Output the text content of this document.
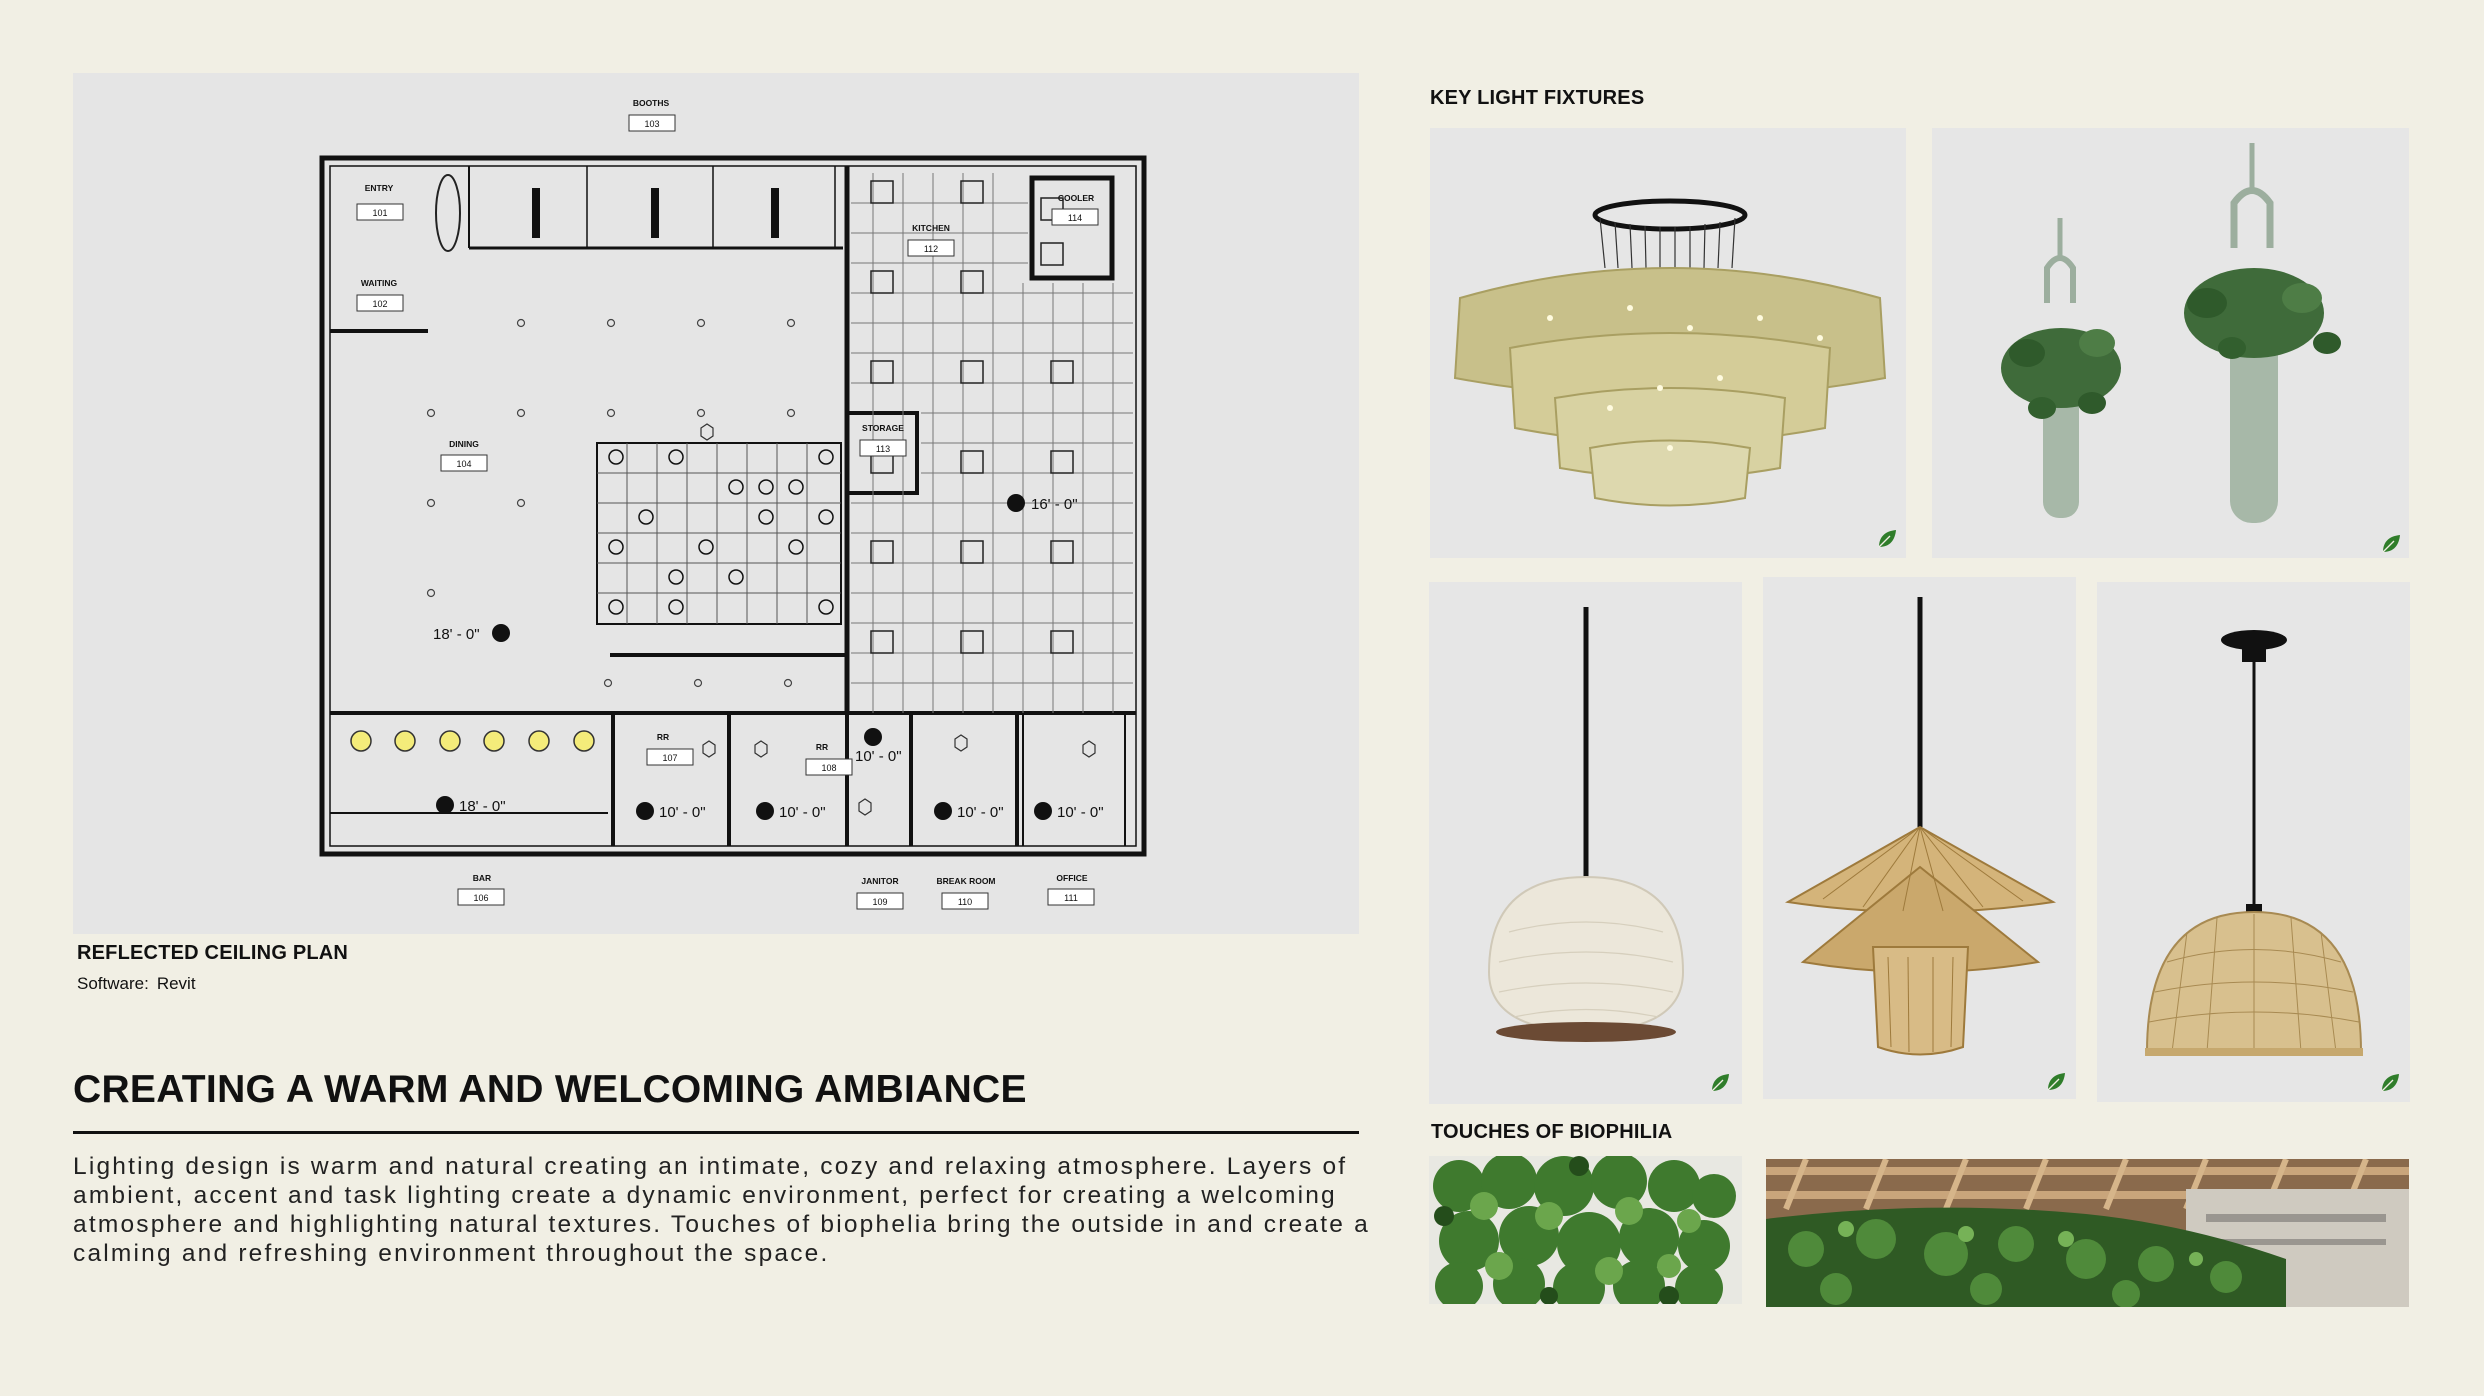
BOOTHS
ENTRY
WAITING
DINING
KITCHEN
COOLER
STORAGE
RR
RR
BAR	JANITOR	BREAK ROOM	OFFICE
103
101
102
104
112
114
113
107
108
106	109	110	111
18' - 0"
16' - 0"
18' - 0"	10' - 0"	10' - 0"
10' - 0"
10' - 0"	10' - 0"
REFLECTED CEILING PLAN
Software: Revit
CREATING A WARM AND WELCOMING AMBIANCE
Lighting design is warm and natural creating an intimate, cozy and relaxing atmosphere. Layers of ambient, accent and task lighting create a dynamic environment, perfect for creating a welcoming atmosphere and highlighting natural textures. Touches of biophelia bring the outside in and create a calming and refreshing environment throughout the space.
KEY LIGHT FIXTURES
TOUCHES OF BIOPHILIA
